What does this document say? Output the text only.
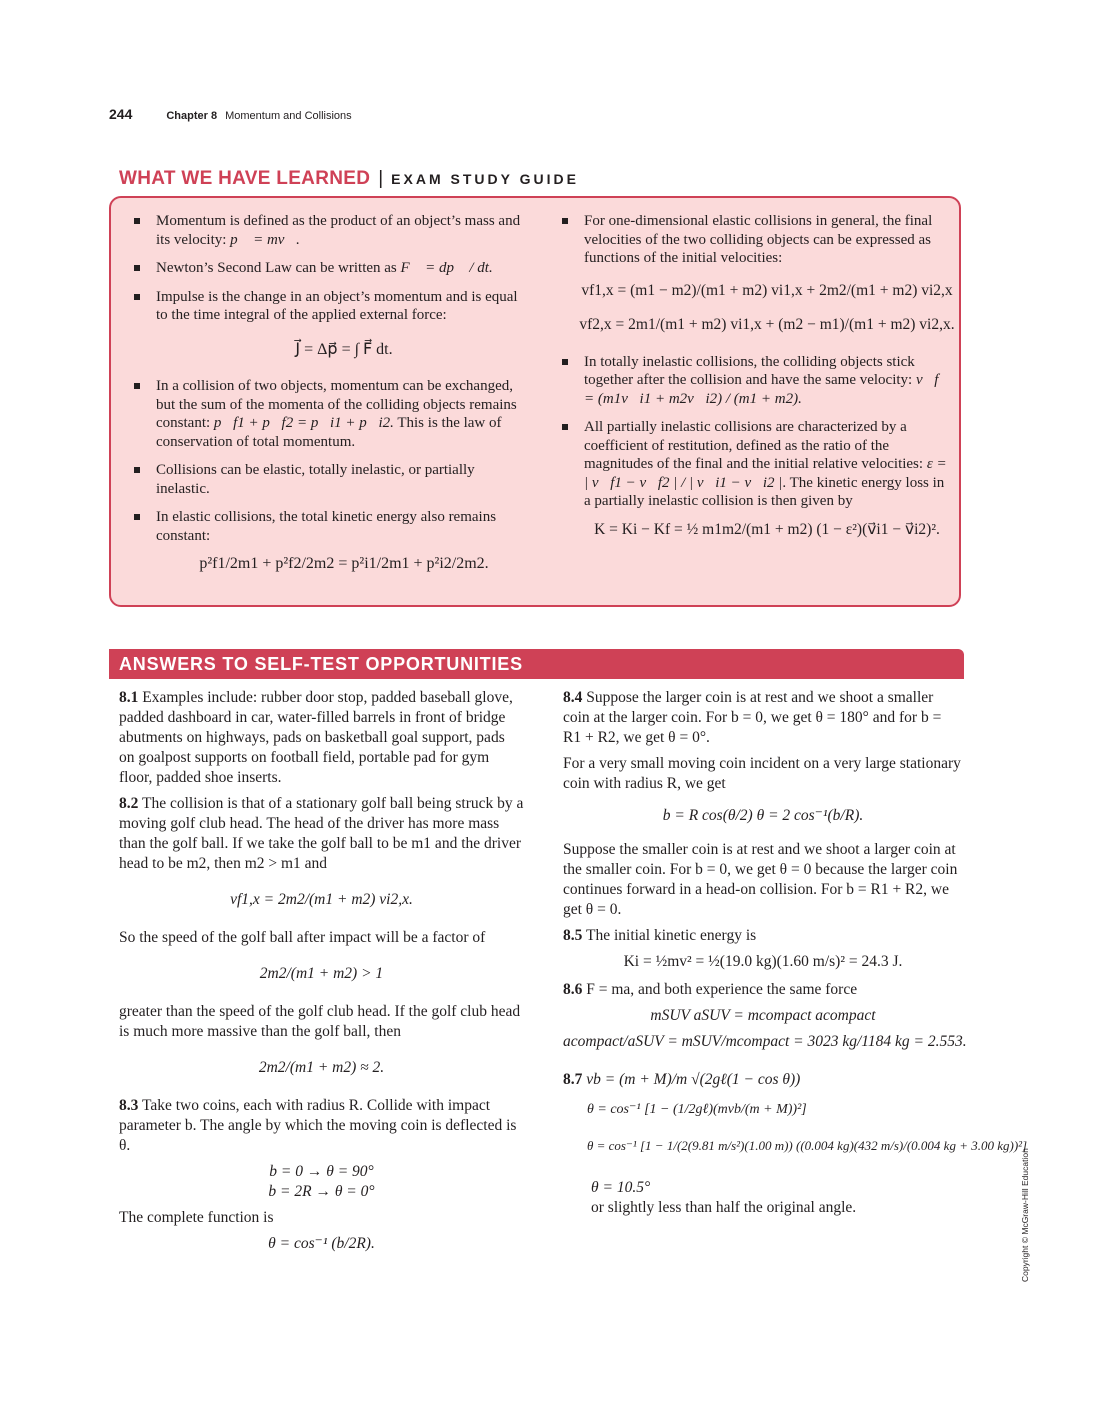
244	Chapter 8 Momentum and Collisions
WHAT WE HAVE LEARNED | EXAM STUDY GUIDE
Momentum is defined as the product of an object’s mass and its velocity: p⃗ = mv⃗.
Newton’s Second Law can be written as F⃗ = dp⃗ / dt.
Impulse is the change in an object’s momentum and is equal to the time integral of the applied external force:
J⃗ = Δp⃗ = ∫ F⃗ dt.
In a collision of two objects, momentum can be exchanged, but the sum of the momenta of the colliding objects remains constant: p⃗f1 + p⃗f2 = p⃗i1 + p⃗i2. This is the law of conservation of total momentum.
Collisions can be elastic, totally inelastic, or partially inelastic.
In elastic collisions, the total kinetic energy also remains constant:
p²f1/2m1 + p²f2/2m2 = p²i1/2m1 + p²i2/2m2.
For one-dimensional elastic collisions in general, the final velocities of the two colliding objects can be expressed as functions of the initial velocities:
vf1,x = (m1 − m2)/(m1 + m2) vi1,x + 2m2/(m1 + m2) vi2,x
vf2,x = 2m1/(m1 + m2) vi1,x + (m2 − m1)/(m1 + m2) vi2,x.
In totally inelastic collisions, the colliding objects stick together after the collision and have the same velocity: v⃗f = (m1v⃗i1 + m2v⃗i2) / (m1 + m2).
All partially inelastic collisions are characterized by a coefficient of restitution, defined as the ratio of the magnitudes of the final and the initial relative velocities: ε = | v⃗f1 − v⃗f2 | / | v⃗i1 − v⃗i2 |. The kinetic energy loss in a partially inelastic collision is then given by
K = Ki − Kf = ½ m1m2/(m1 + m2) (1 − ε²)(v⃗i1 − v⃗i2)².
ANSWERS TO SELF-TEST OPPORTUNITIES

8.1 Examples include: rubber door stop, padded baseball glove, padded dashboard in car, water-filled barrels in front of bridge abutments on highways, pads on basketball goal support, pads on goalpost supports on football field, portable pad for gym floor, padded shoe inserts.

8.2 The collision is that of a stationary golf ball being struck by a moving golf club head. The head of the driver has more mass than the golf ball. If we take the golf ball to be m1 and the driver head to be m2, then m2 > m1 and

vf1,x = 2m2/(m1 + m2) vi2,x.

So the speed of the golf ball after impact will be a factor of

2m2/(m1 + m2) > 1

greater than the speed of the golf club head. If the golf club head is much more massive than the golf ball, then

2m2/(m1 + m2) ≈ 2.

8.3 Take two coins, each with radius R. Collide with impact parameter b. The angle by which the moving coin is deflected is θ.

b = 0 → θ = 90°
b = 2R → θ = 0°

The complete function is

θ = cos⁻¹ (b/2R).

8.4 Suppose the larger coin is at rest and we shoot a smaller coin at the larger coin. For b = 0, we get θ = 180° and for b = R1 + R2, we get θ = 0°.

For a very small moving coin incident on a very large stationary coin with radius R, we get

b = R cos(θ/2) θ = 2 cos⁻¹(b/R).

Suppose the smaller coin is at rest and we shoot a larger coin at the smaller coin. For b = 0, we get θ = 0 because the larger coin continues forward in a head-on collision. For b = R1 + R2, we get θ = 0.

8.5 The initial kinetic energy is

Ki = ½mv² = ½(19.0 kg)(1.60 m/s)² = 24.3 J.

8.6 F = ma, and both experience the same force

mSUV aSUV = mcompact acompact
acompact/aSUV = mSUV/mcompact = 3023 kg/1184 kg = 2.553.

8.7 vb = (m + M)/m √(2gℓ(1 − cos θ))

θ = cos⁻¹ [1 − (1/2gℓ)(mvb/(m + M))²]
θ = cos⁻¹ [1 − 1/(2(9.81 m/s²)(1.00 m)) ((0.004 kg)(432 m/s)/(0.004 kg + 3.00 kg))²]
θ = 10.5°

or slightly less than half the original angle.	Copyright © McGraw-Hill Education
